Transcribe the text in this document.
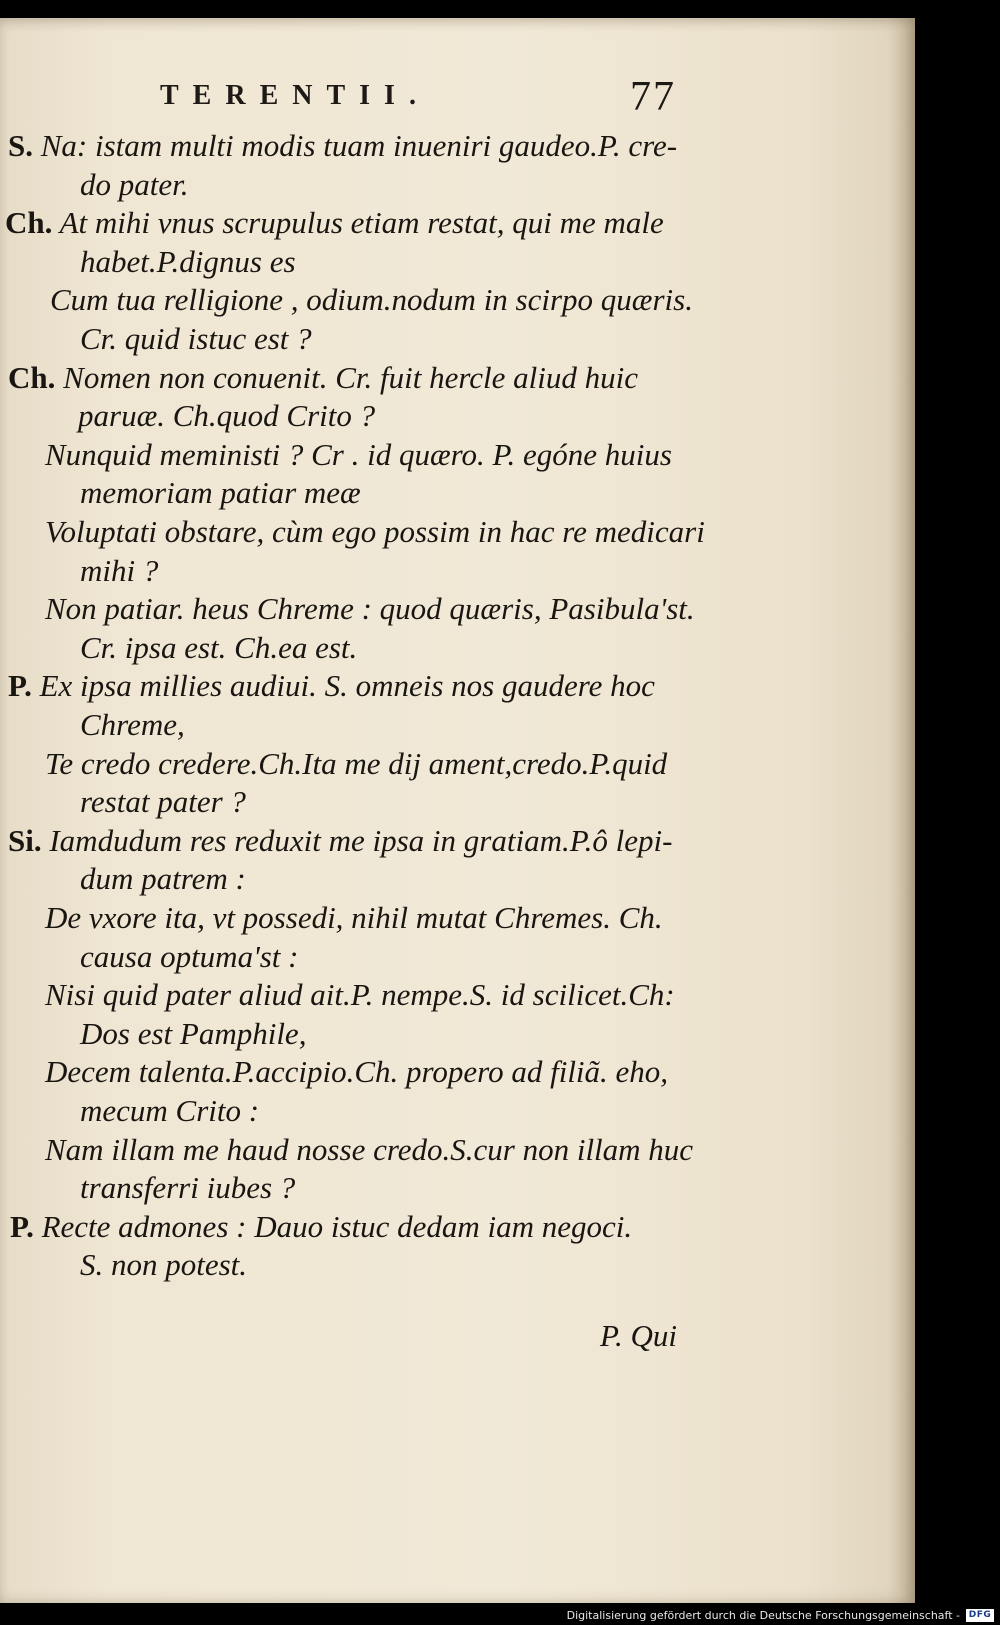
TERENTII.	77
S. Na: istam multi modis tuam inueniri gaudeo.P. cre-
do pater.
Ch. At mihi vnus scrupulus etiam restat, qui me male
habet.P.dignus es
Cum tua relligione , odium.nodum in scirpo quæris.
Cr. quid istuc est ?
Ch. Nomen non conuenit. Cr. fuit hercle aliud huic
paruæ. Ch.quod Crito ?
Nunquid meministi ? Cr . id quæro. P. egóne huius
memoriam patiar meæ
Voluptati obstare, cùm ego possim in hac re medicari
mihi ?
Non patiar. heus Chreme : quod quæris, Pasibula'st.
Cr. ipsa est. Ch.ea est.
P. Ex ipsa millies audiui. S. omneis nos gaudere hoc
Chreme,
Te credo credere.Ch.Ita me dij ament,credo.P.quid
restat pater ?
Si. Iamdudum res reduxit me ipsa in gratiam.P.ô lepi-
dum patrem :
De vxore ita, vt possedi, nihil mutat Chremes. Ch.
causa optuma'st :
Nisi quid pater aliud ait.P. nempe.S. id scilicet.Ch:
Dos est Pamphile,
Decem talenta.P.accipio.Ch. propero ad filiã. eho,
mecum Crito :
Nam illam me haud nosse credo.S.cur non illam huc
transferri iubes ?
P. Recte admones : Dauo istuc dedam iam negoci.
S. non potest.
P. Qui
Digitalisierung gefördert durch die Deutsche Forschungsgemeinschaft - DFG
